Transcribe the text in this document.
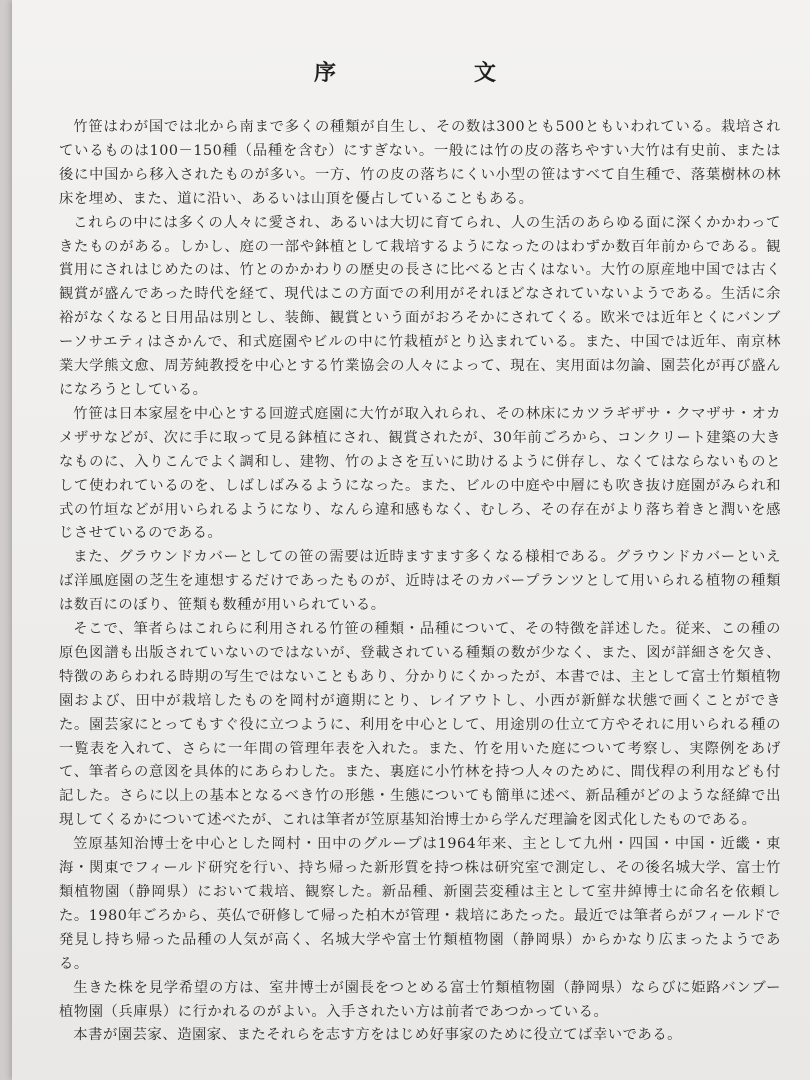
序　文

竹笹はわが国では北から南まで多くの種類が自生し、その数は300とも500ともいわれている。栽培されているものは100－150種（品種を含む）にすぎない。一般には竹の皮の落ちやすい大竹は有史前、または後に中国から移入されたものが多い。一方、竹の皮の落ちにくい小型の笹はすべて自生種で、落葉樹林の林床を埋め、また、道に沿い、あるいは山頂を優占していることもある。

これらの中には多くの人々に愛され、あるいは大切に育てられ、人の生活のあらゆる面に深くかかわってきたものがある。しかし、庭の一部や鉢植として栽培するようになったのはわずか数百年前からである。観賞用にされはじめたのは、竹とのかかわりの歴史の長さに比べると古くはない。大竹の原産地中国では古く観賞が盛んであった時代を経て、現代はこの方面での利用がそれほどなされていないようである。生活に余裕がなくなると日用品は別とし、装飾、観賞という面がおろそかにされてくる。欧米では近年とくにバンブーソサエティはさかんで、和式庭園やビルの中に竹栽植がとり込まれている。また、中国では近年、南京林業大学熊文愈、周芳純教授を中心とする竹業協会の人々によって、現在、実用面は勿論、園芸化が再び盛んになろうとしている。

竹笹は日本家屋を中心とする回遊式庭園に大竹が取入れられ、その林床にカツラギザサ・クマザサ・オカメザサなどが、次に手に取って見る鉢植にされ、観賞されたが、30年前ごろから、コンクリート建築の大きなものに、入りこんでよく調和し、建物、竹のよさを互いに助けるように併存し、なくてはならないものとして使われているのを、しばしばみるようになった。また、ビルの中庭や中層にも吹き抜け庭園がみられ和式の竹垣などが用いられるようになり、なんら違和感もなく、むしろ、その存在がより落ち着きと潤いを感じさせているのである。

また、グラウンドカバーとしての笹の需要は近時ますます多くなる様相である。グラウンドカバーといえば洋風庭園の芝生を連想するだけであったものが、近時はそのカバープランツとして用いられる植物の種類は数百にのぼり、笹類も数種が用いられている。

そこで、筆者らはこれらに利用される竹笹の種類・品種について、その特徴を詳述した。従来、この種の原色図譜も出版されていないのではないが、登載されている種類の数が少なく、また、図が詳細さを欠き、特徴のあらわれる時期の写生ではないこともあり、分かりにくかったが、本書では、主として富士竹類植物園および、田中が栽培したものを岡村が適期にとり、レイアウトし、小西が新鮮な状態で画くことができた。園芸家にとってもすぐ役に立つように、利用を中心として、用途別の仕立て方やそれに用いられる種の一覧表を入れて、さらに一年間の管理年表を入れた。また、竹を用いた庭について考察し、実際例をあげて、筆者らの意図を具体的にあらわした。また、裏庭に小竹林を持つ人々のために、間伐稈の利用なども付記した。さらに以上の基本となるべき竹の形態・生態についても簡単に述べ、新品種がどのような経緯で出現してくるかについて述べたが、これは筆者が笠原基知治博士から学んだ理論を図式化したものである。

笠原基知治博士を中心とした岡村・田中のグループは1964年来、主として九州・四国・中国・近畿・東海・関東でフィールド研究を行い、持ち帰った新形質を持つ株は研究室で測定し、その後名城大学、富士竹類植物園（静岡県）において栽培、観察した。新品種、新園芸変種は主として室井綽博士に命名を依頼した。1980年ごろから、英仏で研修して帰った柏木が管理・栽培にあたった。最近では筆者らがフィールドで発見し持ち帰った品種の人気が高く、名城大学や富士竹類植物園（静岡県）からかなり広まったようである。

生きた株を見学希望の方は、室井博士が園長をつとめる富士竹類植物園（静岡県）ならびに姫路バンブー植物園（兵庫県）に行かれるのがよい。入手されたい方は前者であつかっている。

本書が園芸家、造園家、またそれらを志す方をはじめ好事家のために役立てば幸いである。
